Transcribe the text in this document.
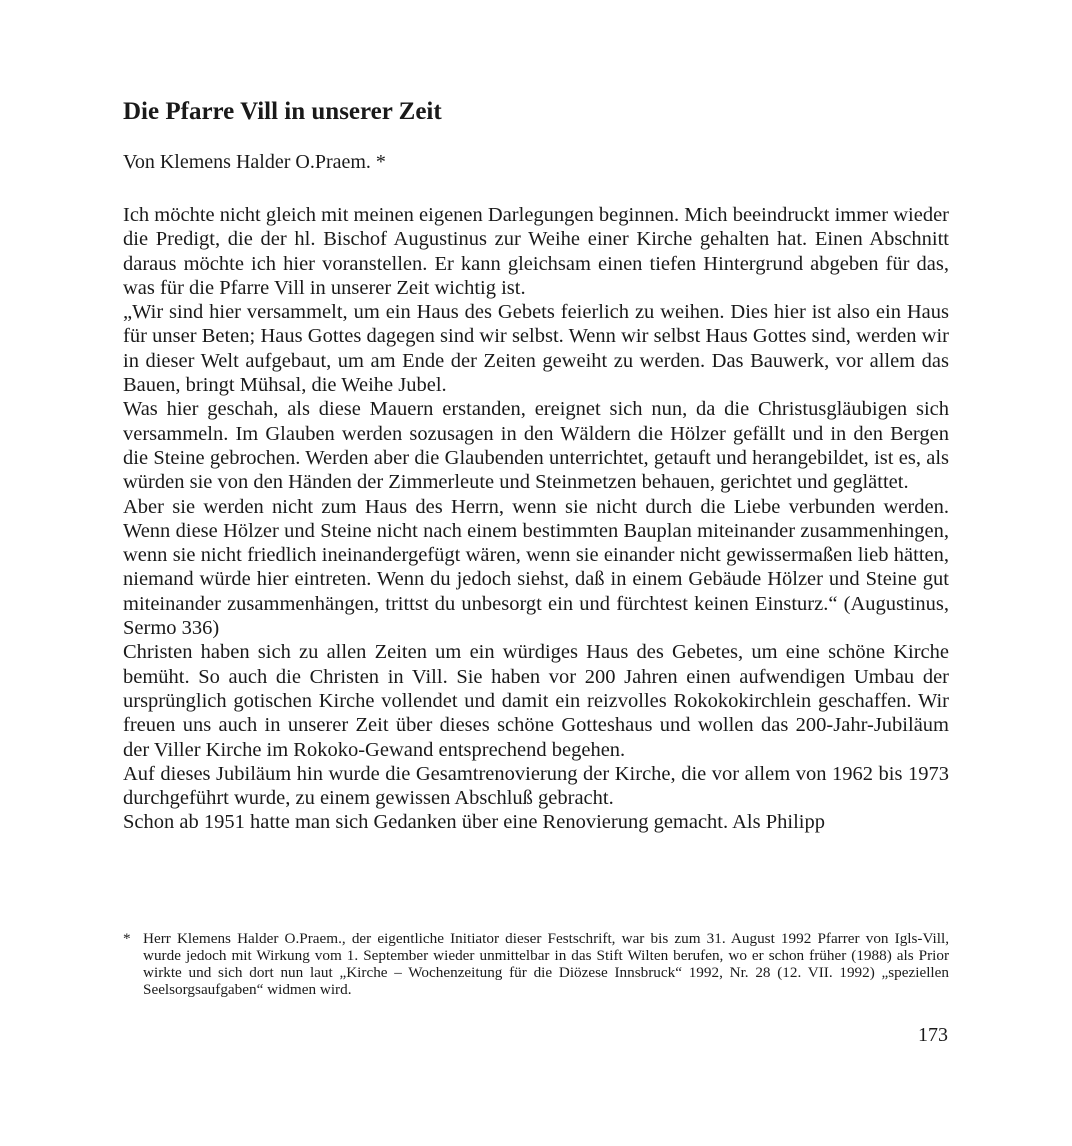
Die Pfarre Vill in unserer Zeit

Von Klemens Halder O.Praem. *

Ich möchte nicht gleich mit meinen eigenen Darlegungen beginnen. Mich beeindruckt immer wieder die Predigt, die der hl. Bischof Augustinus zur Weihe einer Kirche gehalten hat. Einen Abschnitt daraus möchte ich hier voranstellen. Er kann gleichsam einen tiefen Hintergrund abgeben für das, was für die Pfarre Vill in unserer Zeit wichtig ist.

„Wir sind hier versammelt, um ein Haus des Gebets feierlich zu weihen. Dies hier ist also ein Haus für unser Beten; Haus Gottes dagegen sind wir selbst. Wenn wir selbst Haus Gottes sind, werden wir in dieser Welt aufgebaut, um am Ende der Zeiten geweiht zu werden. Das Bauwerk, vor allem das Bauen, bringt Mühsal, die Weihe Jubel.

Was hier geschah, als diese Mauern erstanden, ereignet sich nun, da die Christusgläubigen sich versammeln. Im Glauben werden sozusagen in den Wäldern die Hölzer gefällt und in den Bergen die Steine gebrochen. Werden aber die Glaubenden unterrichtet, getauft und herangebildet, ist es, als würden sie von den Händen der Zimmerleute und Steinmetzen behauen, gerichtet und geglättet.

Aber sie werden nicht zum Haus des Herrn, wenn sie nicht durch die Liebe verbunden werden. Wenn diese Hölzer und Steine nicht nach einem bestimmten Bauplan miteinander zusammenhingen, wenn sie nicht friedlich ineinandergefügt wären, wenn sie einander nicht gewissermaßen lieb hätten, niemand würde hier eintreten. Wenn du jedoch siehst, daß in einem Gebäude Hölzer und Steine gut miteinander zusammenhängen, trittst du unbesorgt ein und fürchtest keinen Einsturz.“ (Augustinus, Sermo 336)

Christen haben sich zu allen Zeiten um ein würdiges Haus des Gebetes, um eine schöne Kirche bemüht. So auch die Christen in Vill. Sie haben vor 200 Jahren einen aufwendigen Umbau der ursprünglich gotischen Kirche vollendet und damit ein reizvolles Rokokokirchlein geschaffen. Wir freuen uns auch in unserer Zeit über dieses schöne Gotteshaus und wollen das 200-Jahr-Jubiläum der Viller Kirche im Rokoko-Gewand entsprechend begehen.

Auf dieses Jubiläum hin wurde die Gesamtrenovierung der Kirche, die vor allem von 1962 bis 1973 durchgeführt wurde, zu einem gewissen Abschluß gebracht.

Schon ab 1951 hatte man sich Gedanken über eine Renovierung gemacht. Als Philipp

* Herr Klemens Halder O.Praem., der eigentliche Initiator dieser Festschrift, war bis zum 31. August 1992 Pfarrer von Igls-Vill, wurde jedoch mit Wirkung vom 1. September wieder unmittelbar in das Stift Wilten berufen, wo er schon früher (1988) als Prior wirkte und sich dort nun laut „Kirche – Wochenzeitung für die Diözese Innsbruck“ 1992, Nr. 28 (12. VII. 1992) „speziellen Seelsorgsaufgaben“ widmen wird.
173
